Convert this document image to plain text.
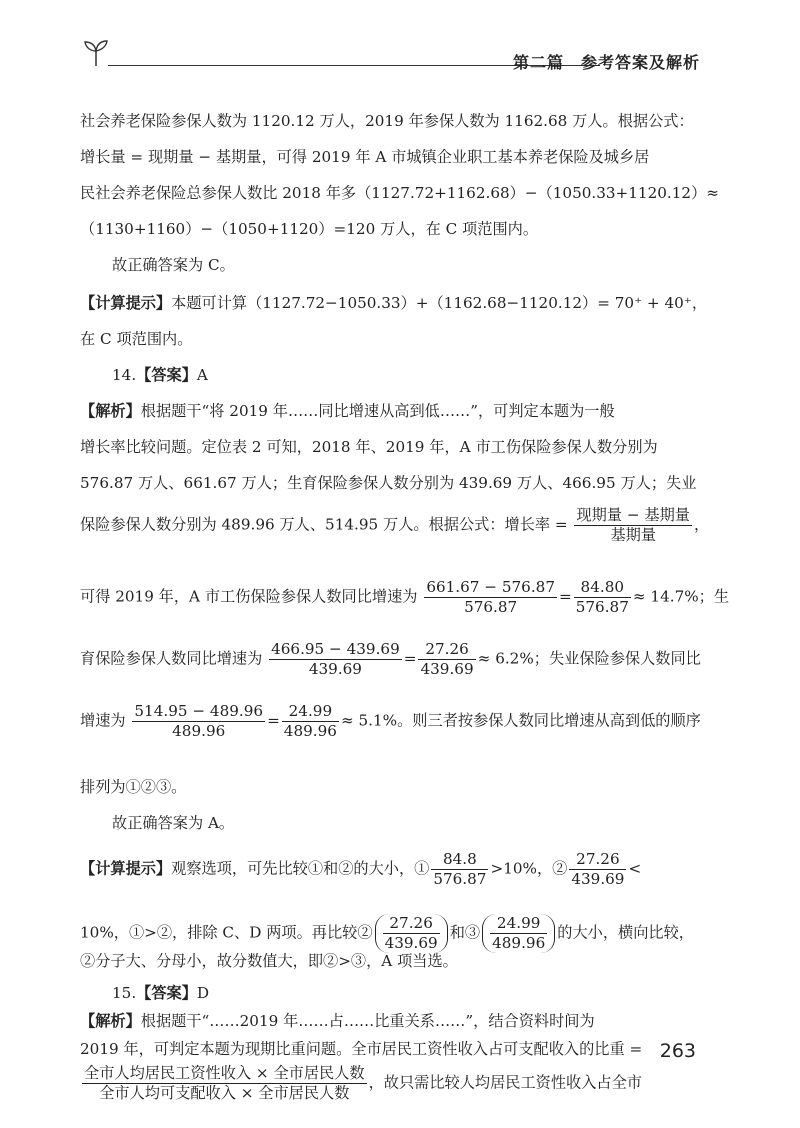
第二篇　参考答案及解析
社会养老保险参保人数为 1120.12 万人，2019 年参保人数为 1162.68 万人。根据公式：
增长量 = 现期量 − 基期量，可得 2019 年 A 市城镇企业职工基本养老保险及城乡居
民社会养老保险总参保人数比 2018 年多（1127.72+1162.68）−（1050.33+1120.12）≈
（1130+1160）−（1050+1120）=120 万人，在 C 项范围内。
故正确答案为 C。
【计算提示】本题可计算（1127.72−1050.33）+（1162.68−1120.12）= 70⁺ + 40⁺，
在 C 项范围内。
14.【答案】A
【解析】根据题干“将 2019 年……同比增速从高到低……”，可判定本题为一般
增长率比较问题。定位表 2 可知，2018 年、2019 年，A 市工伤保险参保人数分别为
576.87 万人、661.67 万人；生育保险参保人数分别为 439.69 万人、466.95 万人；失业
保险参保人数分别为 489.96 万人、514.95 万人。根据公式：增长率 = $\frac{\text{现期量 − 基期量}}{\text{基期量}}$ ，
可得 2019 年，A 市工伤保险参保人数同比增速为 $\frac{661.67 - 576.87}{576.87} = \frac{84.80}{576.87} \approx 14.7\%$；生
育保险参保人数同比增速为 $\frac{466.95 - 439.69}{439.69} = \frac{27.26}{439.69} \approx 6.2\%$；失业保险参保人数同比
增速为 $\frac{514.95 - 489.96}{489.96} = \frac{24.99}{489.96} \approx 5.1\%$。则三者按参保人数同比增速从高到低的顺序
排列为①②③。
故正确答案为 A。
【计算提示】观察选项，可先比较①和②的大小，① $\frac{84.8}{576.87} >10\%$，② $\frac{27.26}{439.69}$ <
10%，①>②，排除 C、D 两项。再比较② $\frac{27.26}{439.69}$ 和③ $\frac{24.99}{489.96}$ 的大小，横向比较，
②分子大、分母小，故分数值大，即②>③，A 项当选。
15.【答案】D
【解析】根据题干“……2019 年……占……比重关系……”，结合资料时间为
2019 年，可判定本题为现期比重问题。全市居民工资性收入占可支配收入的比重 =
$\frac{\text{全市人均居民工资性收入 × 全市居民人数}}{\text{全市人均可支配收入 × 全市居民人数}}$ ，故只需比较人均居民工资性收入占全市
263
